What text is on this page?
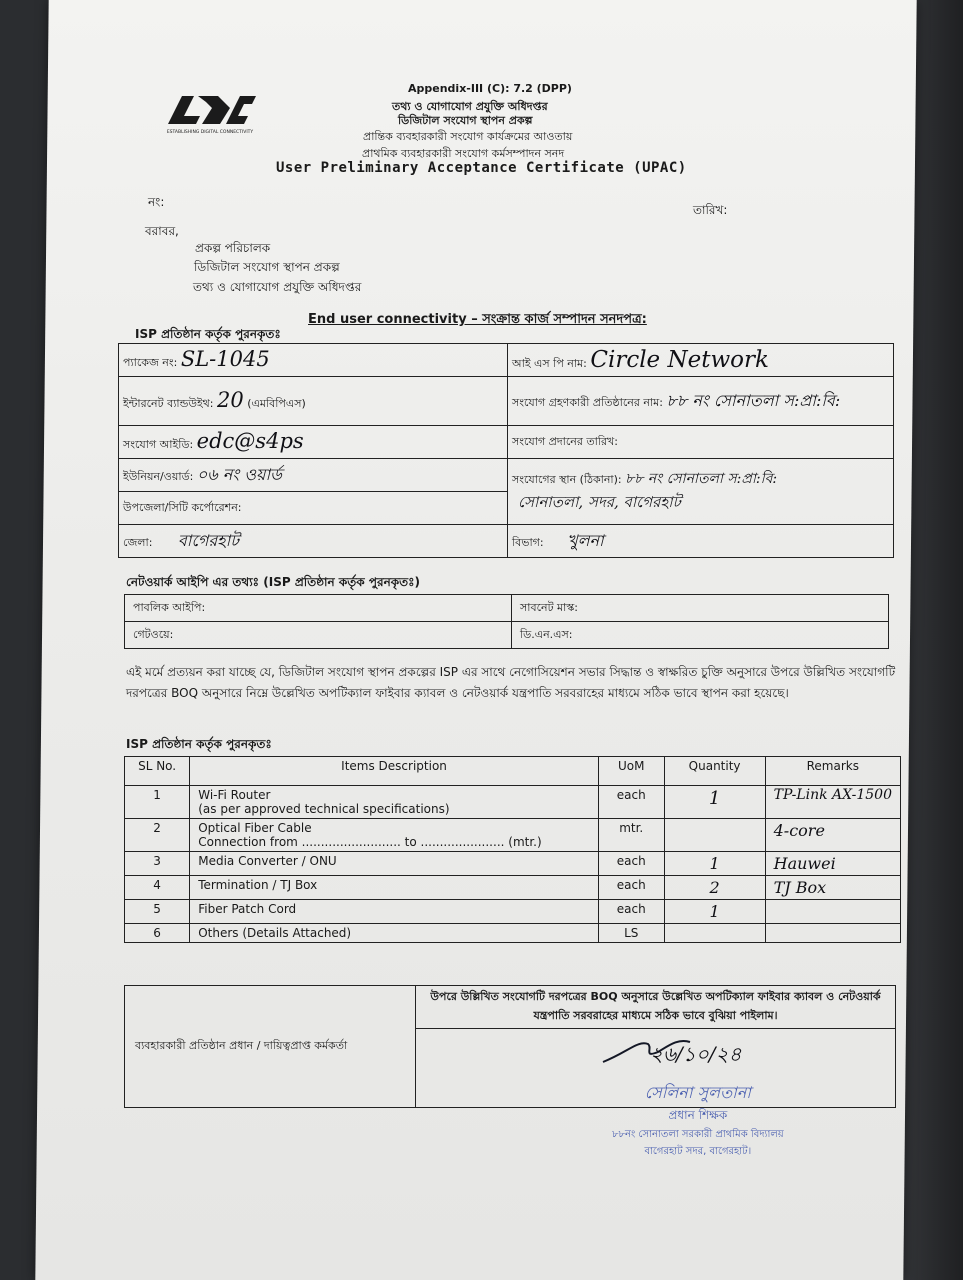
ESTABLISHING DIGITAL CONNECTIVITY
Appendix-III (C): 7.2 (DPP)
তথ্য ও যোগাযোগ প্রযুক্তি অধিদপ্তর
ডিজিটাল সংযোগ স্থাপন প্রকল্প
প্রান্তিক ব্যবহারকারী সংযোগ কার্যক্রমের আওতায়
প্রাথমিক ব্যবহারকারী সংযোগ কর্মসম্পাদন সনদ
User Preliminary Acceptance Certificate (UPAC)
নং:
তারিখ:
বরাবর,
প্রকল্প পরিচালক
ডিজিটাল সংযোগ স্থাপন প্রকল্প
তথ্য ও যোগাযোগ প্রযুক্তি অধিদপ্তর
End user connectivity – সংক্রান্ত কার্জ সম্পাদন সনদপত্র:
ISP প্রতিষ্ঠান কর্তৃক পুরনকৃতঃ
প্যাকেজ নং: SL-1045	আই এস পি নাম: Circle Network
ইন্টারনেট ব্যান্ডউইথ: 20 (এমবিপিএস)	সংযোগ গ্রহণকারী প্রতিষ্ঠানের নাম: ৮৮ নং সোনাতলা স:প্রা:বি:
সংযোগ আইডি: edc@s4ps	সংযোগ প্রদানের তারিখ:
ইউনিয়ন/ওয়ার্ড: ০৬ নং ওয়ার্ড	সংযোগের স্থান (ঠিকানা): ৮৮ নং সোনাতলা স:প্রা:বি:
সোনাতলা, সদর, বাগেরহাট

উপজেলা/সিটি কর্পোরেশন:	
জেলা: বাগেরহাট	বিভাগ: খুলনা
নেটওয়ার্ক আইপি এর তথ্যঃ (ISP প্রতিষ্ঠান কর্তৃক পুরনকৃতঃ)
পাবলিক আইপি:	সাবনেট মাস্ক:
গেটওয়ে:	ডি.এন.এস:
এই মর্মে প্রত্যয়ন করা যাচ্ছে যে, ডিজিটাল সংযোগ স্থাপন প্রকল্পের ISP এর সাথে নেগোসিয়েশন সভার সিদ্ধান্ত ও স্বাক্ষরিত চুক্তি অনুসারে উপরে উল্লিখিত সংযোগটি দরপত্রের BOQ অনুসারে নিম্নে উল্লেখিত অপটিক্যাল ফাইবার ক্যাবল ও নেটওয়ার্ক যন্ত্রপাতি সরবরাহের মাধ্যমে সঠিক ভাবে স্থাপন করা হয়েছে।
ISP প্রতিষ্ঠান কর্তৃক পুরনকৃতঃ
SL No.	Items Description	UoM	Quantity	Remarks
1	Wi-Fi Router
(as per approved technical specifications)	each	1	TP-Link AX-1500
2	Optical Fiber Cable
Connection from .......................... to ...................... (mtr.)	mtr.		4-core
3	Media Converter / ONU	each	1	Hauwei
4	Termination / TJ Box	each	2	TJ Box
5	Fiber Patch Cord	each	1	
6	Others (Details Attached)	LS		
ব্যবহারকারী প্রতিষ্ঠান প্রধান / দায়িত্বপ্রাপ্ত কর্মকর্তা	উপরে উল্লিখিত সংযোগটি দরপত্রের BOQ অনুসারে উল্লেখিত অপটিক্যাল ফাইবার ক্যাবল ও নেটওয়ার্ক যন্ত্রপাতি সরবরাহের মাধ্যমে সঠিক ভাবে বুঝিয়া পাইলাম।

২৬/১০/২৪
সেলিনা সুলতানা
প্রধান শিক্ষক
৮৮নং সোনাতলা সরকারী প্রাথমিক বিদ্যালয়
বাগেরহাট সদর, বাগেরহাট।
